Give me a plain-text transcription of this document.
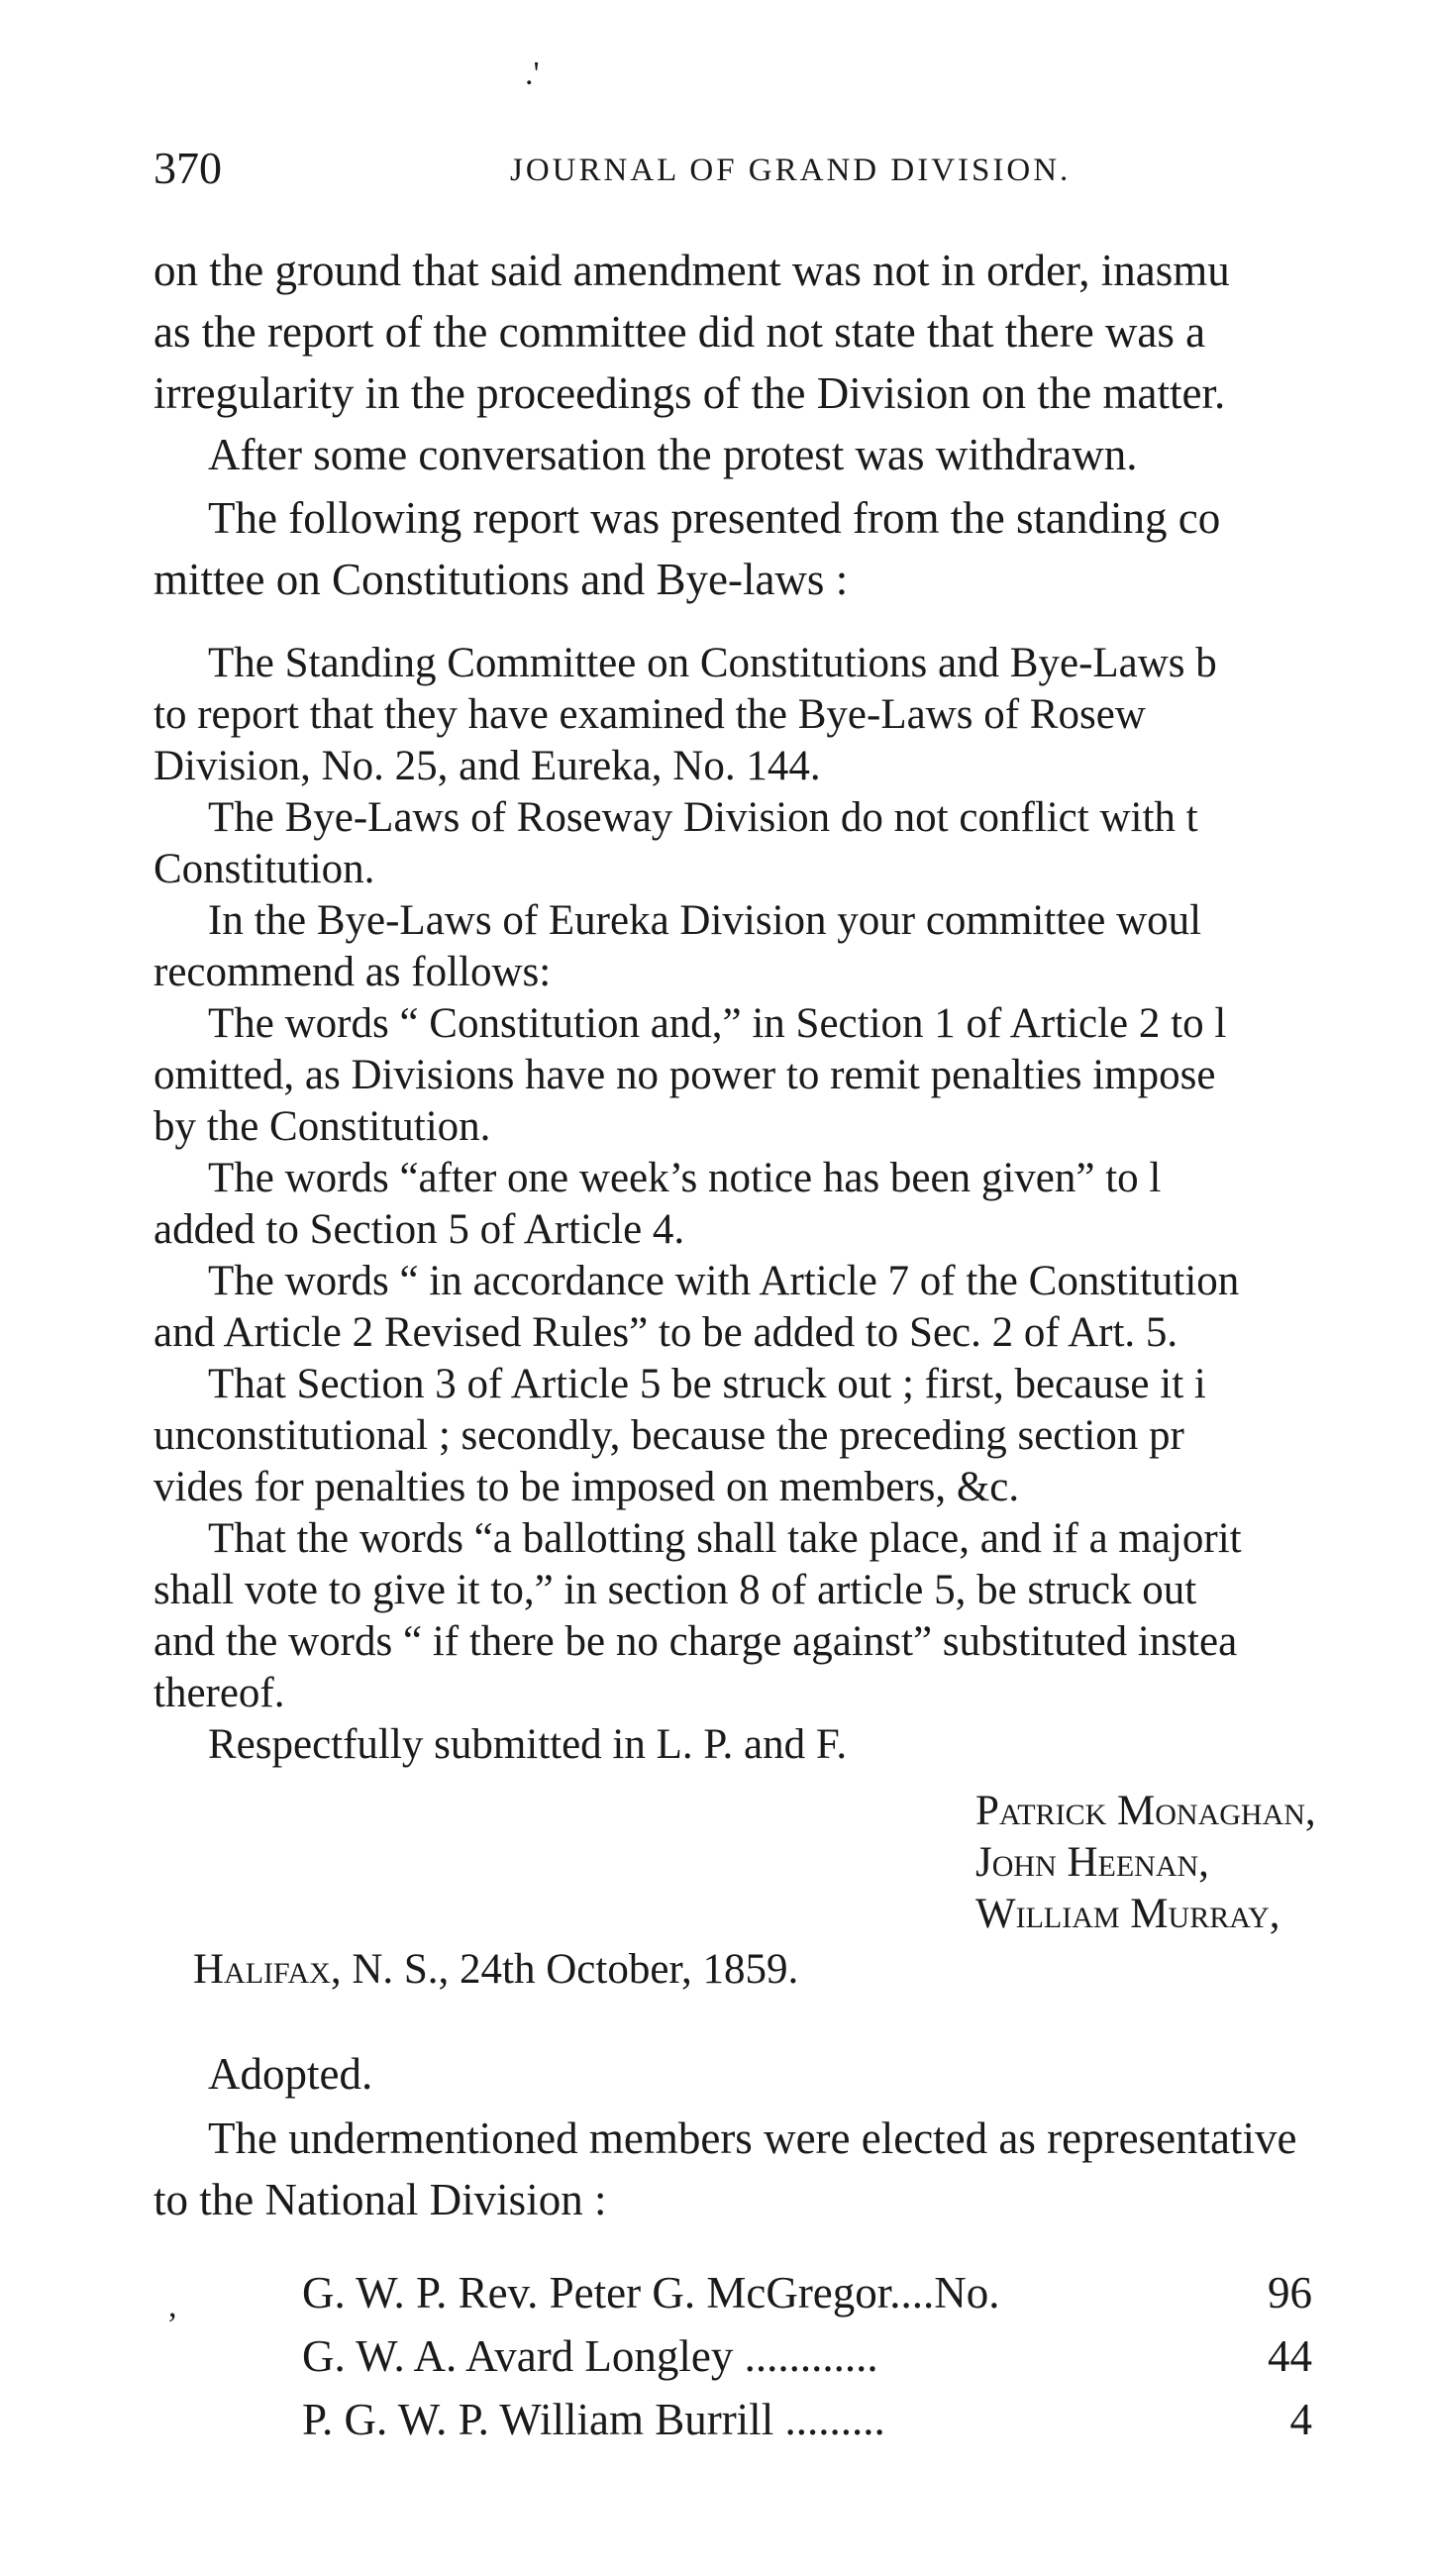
.'
370	JOURNAL OF GRAND DIVISION.
on the ground that said amendment was not in order, inasmu
as the report of the committee did not state that there was a
irregularity in the proceedings of the Division on the matter.
After some conversation the protest was withdrawn.
The following report was presented from the standing co
mittee on Constitutions and Bye-laws :
The Standing Committee on Constitutions and Bye-Laws b
to report that they have examined the Bye-Laws of Rosew
Division, No. 25, and Eureka, No. 144.
The Bye-Laws of Roseway Division do not conflict with t
Constitution.
In the Bye-Laws of Eureka Division your committee woul
recommend as follows:
The words “ Constitution and,” in Section 1 of Article 2 to l
omitted, as Divisions have no power to remit penalties impose
by the Constitution.
The words “after one week’s notice has been given” to l
added to Section 5 of Article 4.
The words “ in accordance with Article 7 of the Constitution
and Article 2 Revised Rules” to be added to Sec. 2 of Art. 5.
That Section 3 of Article 5 be struck out ; first, because it i
unconstitutional ; secondly, because the preceding section pr
vides for penalties to be imposed on members, &c.
That the words “a ballotting shall take place, and if a majorit
shall vote to give it to,” in section 8 of article 5, be struck out
and the words “ if there be no charge against” substituted instea
thereof.
Respectfully submitted in L. P. and F.
Patrick Monaghan,
John Heenan,
William Murray,
Halifax, N. S., 24th October, 1859.
Adopted.
The undermentioned members were elected as representative
to the National Division :
,	G. W. P. Rev. Peter G. McGregor....No.	96
G. W. A. Avard Longley ............	44
P. G. W. P. William Burrill .........	4
